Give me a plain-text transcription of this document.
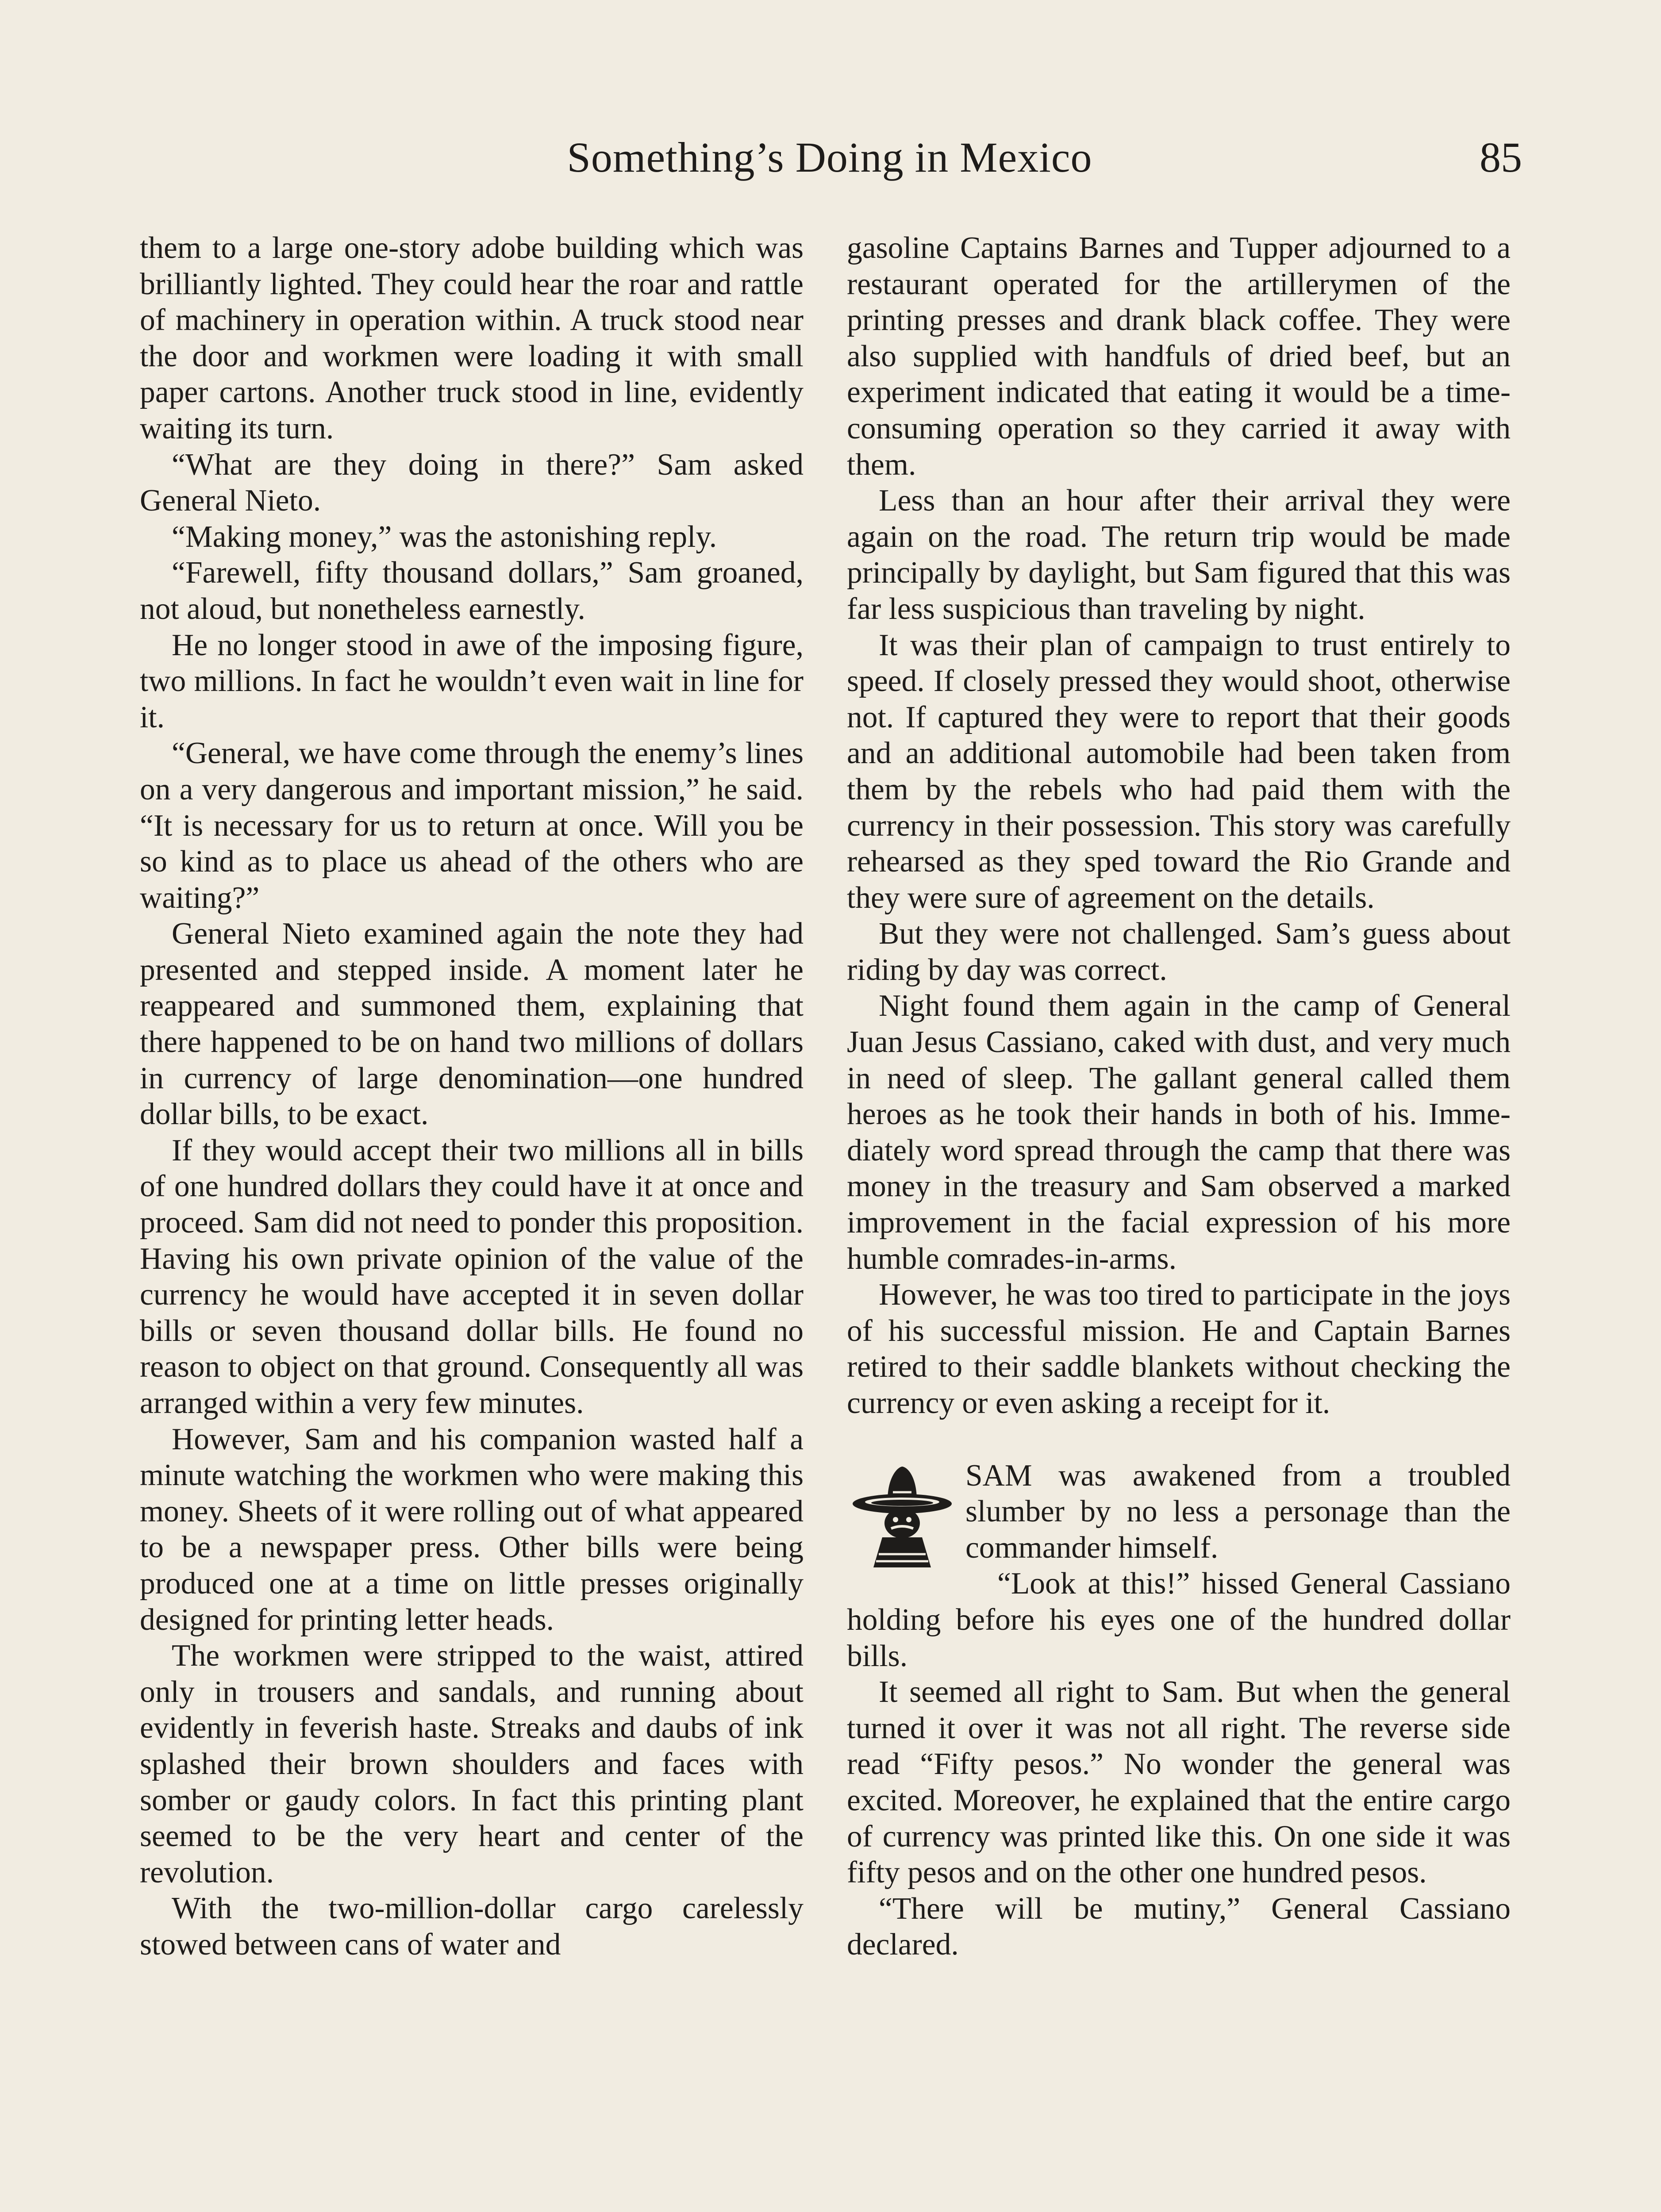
Something’s Doing in Mexico	85

them to a large one-story adobe building which was brilliantly lighted. They could hear the roar and rattle of machinery in operation within. A truck stood near the door and workmen were loading it with small paper cartons. Another truck stood in line, evidently waiting its turn.

“What are they doing in there?” Sam asked General Nieto.

“Making money,” was the astonishing reply.

“Farewell, fifty thousand dollars,” Sam groaned, not aloud, but nonetheless earnestly.

He no longer stood in awe of the imposing figure, two millions. In fact he wouldn’t even wait in line for it.

“General, we have come through the enemy’s lines on a very dangerous and important mission,” he said. “It is necessary for us to return at once. Will you be so kind as to place us ahead of the others who are waiting?”

General Nieto examined again the note they had presented and stepped inside. A moment later he reappeared and summoned them, explaining that there happened to be on hand two millions of dollars in currency of large denomination—one hundred dollar bills, to be exact.

If they would accept their two millions all in bills of one hundred dollars they could have it at once and proceed. Sam did not need to ponder this proposition. Having his own private opinion of the value of the currency he would have accepted it in seven dollar bills or seven thousand dollar bills. He found no reason to object on that ground. Consequently all was arranged within a very few minutes.

However, Sam and his companion wasted half a minute watching the workmen who were making this money. Sheets of it were rolling out of what appeared to be a newspaper press. Other bills were being produced one at a time on little presses originally designed for printing letter heads.

The workmen were stripped to the waist, attired only in trousers and sandals, and running about evidently in feverish haste. Streaks and daubs of ink splashed their brown shoulders and faces with somber or gaudy colors. In fact this printing plant seemed to be the very heart and center of the revolution.

With the two-million-dollar cargo carelessly stowed between cans of water and

gasoline Captains Barnes and Tupper adjourned to a restaurant operated for the artillerymen of the printing presses and drank black coffee. They were also supplied with handfuls of dried beef, but an experiment indicated that eating it would be a time-consuming operation so they carried it away with them.

Less than an hour after their arrival they were again on the road. The return trip would be made principally by daylight, but Sam figured that this was far less suspicious than traveling by night.

It was their plan of campaign to trust entirely to speed. If closely pressed they would shoot, otherwise not. If captured they were to report that their goods and an additional automobile had been taken from them by the rebels who had paid them with the currency in their possession. This story was carefully rehearsed as they sped toward the Rio Grande and they were sure of agreement on the details.

But they were not challenged. Sam’s guess about riding by day was correct.

Night found them again in the camp of General Juan Jesus Cassiano, caked with dust, and very much in need of sleep. The gallant general called them heroes as he took their hands in both of his. Immediately word spread through the camp that there was money in the treasury and Sam observed a marked improvement in the facial expression of his more humble comrades-in-arms.

However, he was too tired to participate in the joys of his successful mission. He and Captain Barnes retired to their saddle blankets without checking the currency or even asking a receipt for it.

SAM was awakened from a troubled slumber by no less a personage than the commander himself.

“Look at this!” hissed General Cassiano holding before his eyes one of the hundred dollar bills.

It seemed all right to Sam. But when the general turned it over it was not all right. The reverse side read “Fifty pesos.” No wonder the general was excited. Moreover, he explained that the entire cargo of currency was printed like this. On one side it was fifty pesos and on the other one hundred pesos.

“There will be mutiny,” General Cassiano declared.
